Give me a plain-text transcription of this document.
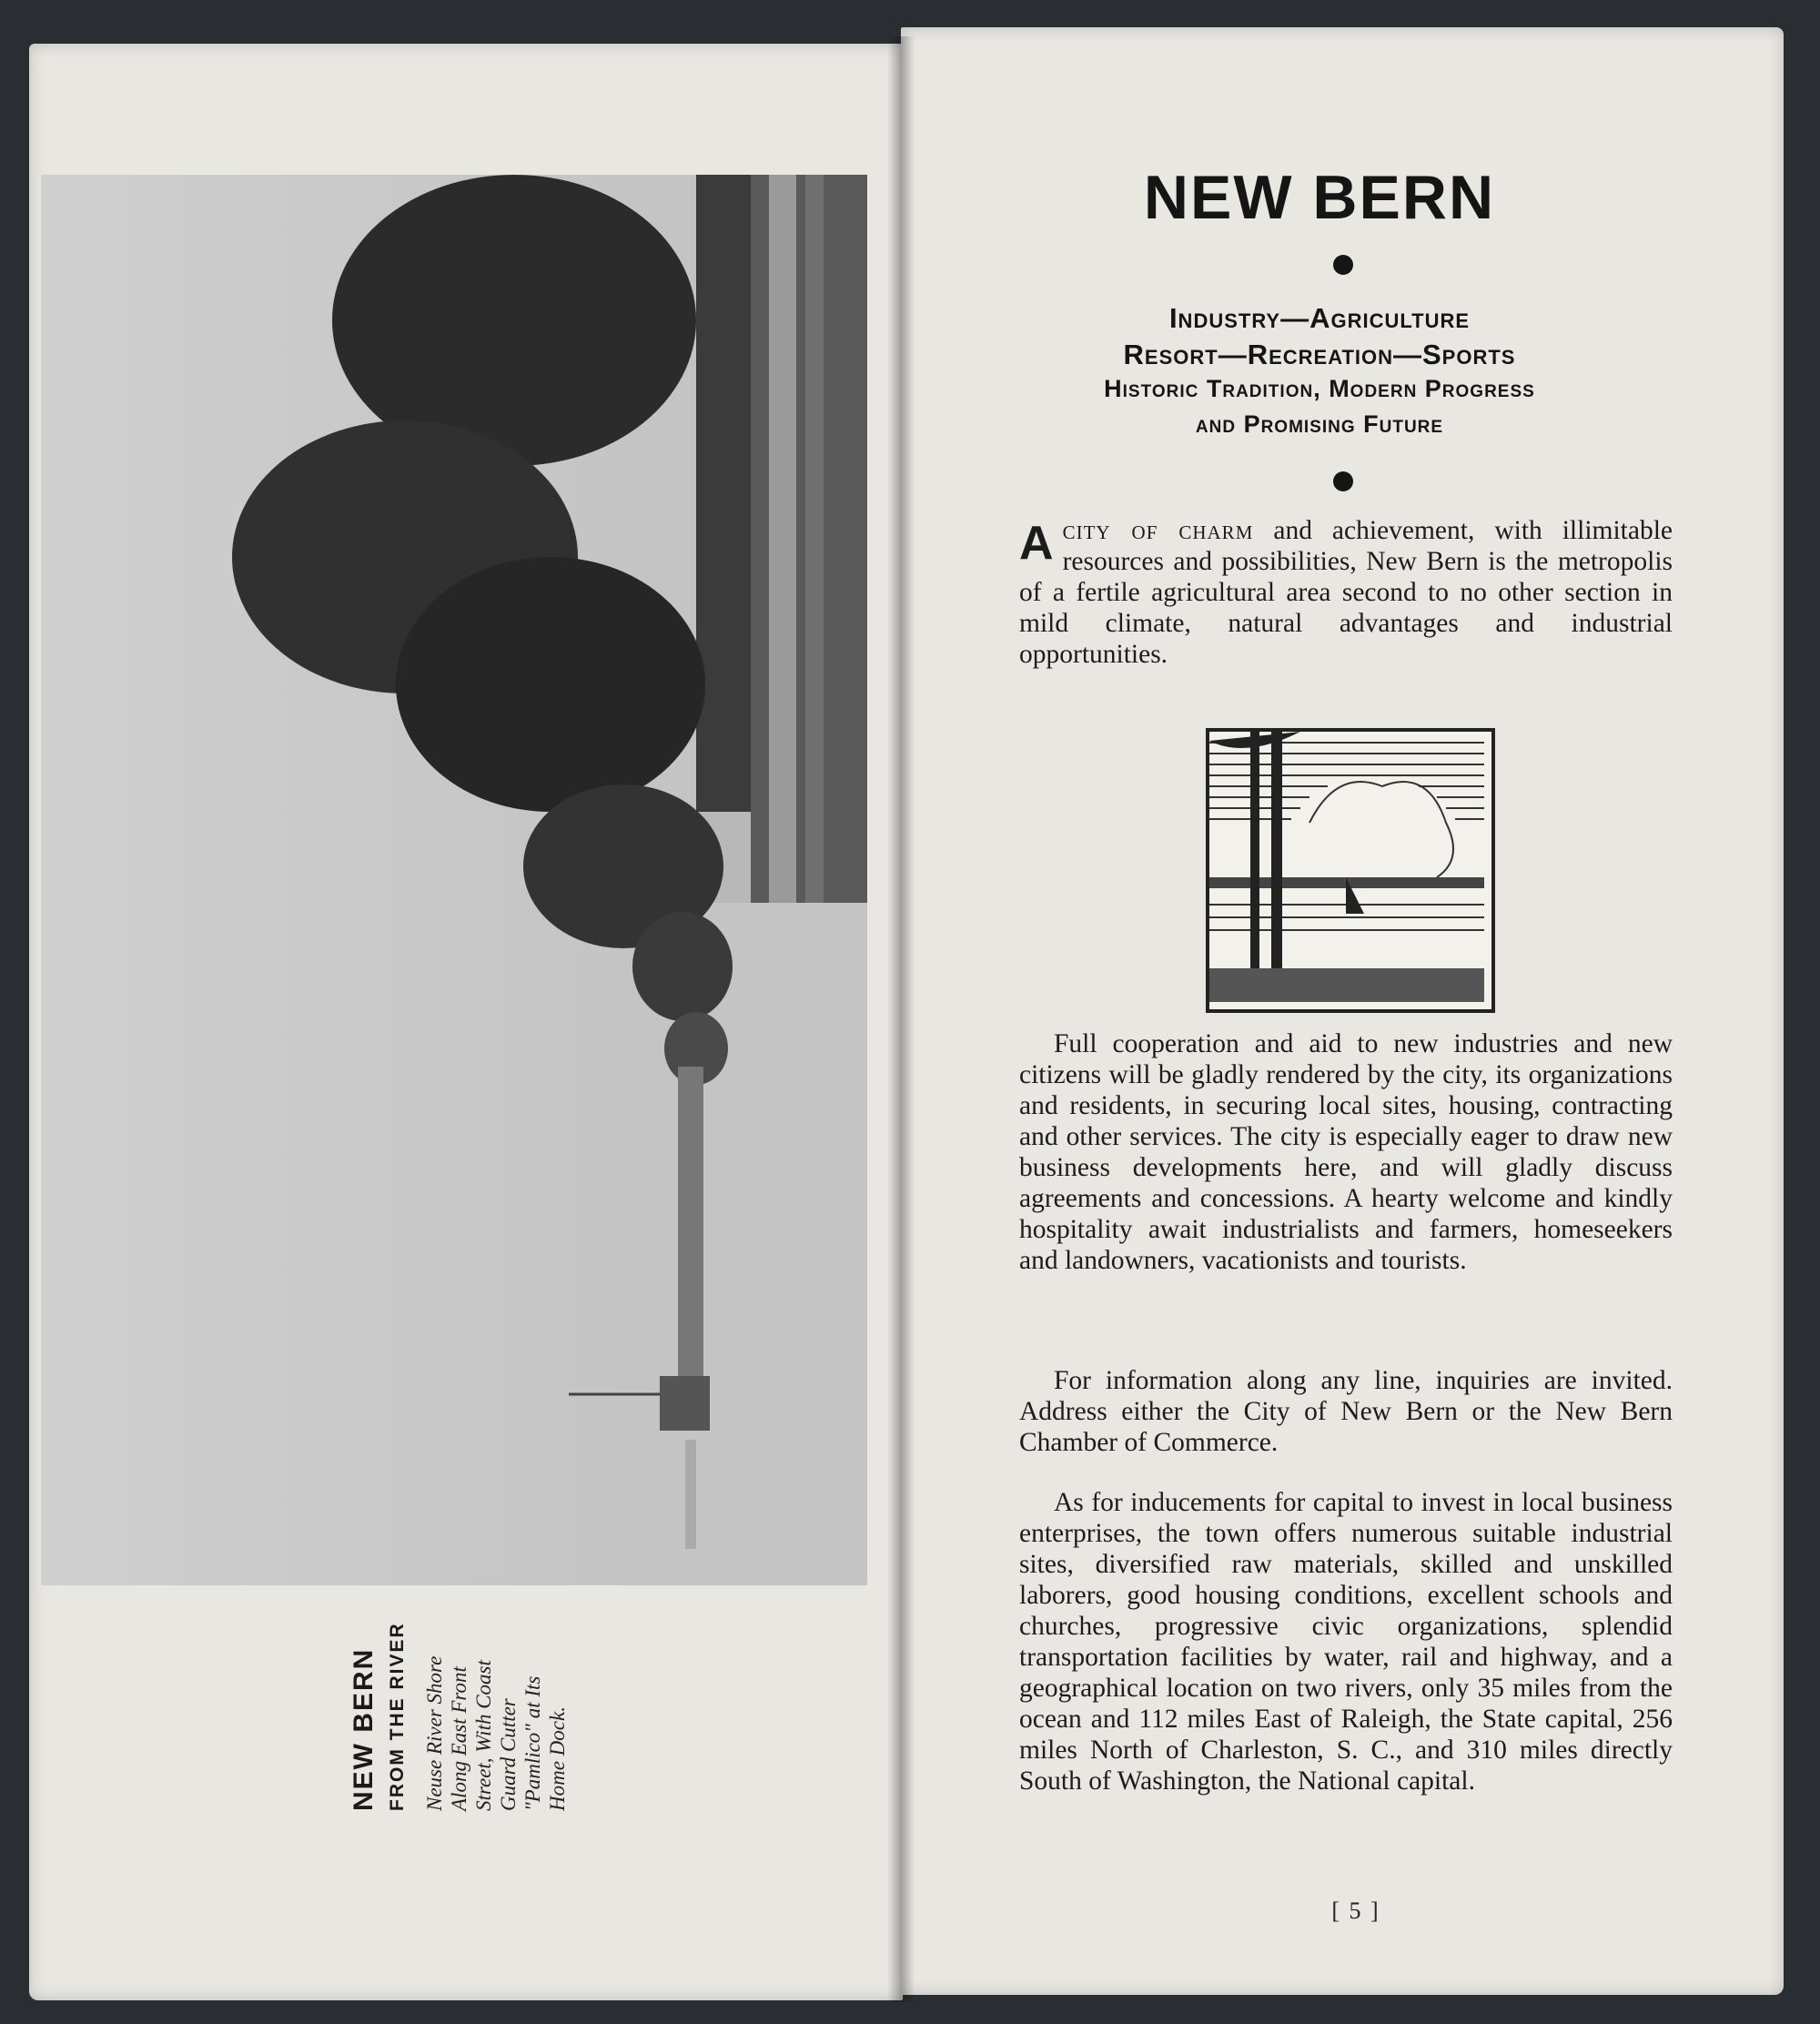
NEW BERN FROM THE RIVER Neuse River Shore Along East Front Street, With Coast Guard Cutter "Pamlico" at Its Home Dock.
NEW BERN
Industry—Agriculture
Resort—Recreation—Sports
Historic Tradition, Modern Progress
and Promising Future

Acity of charm and achievement, with illimitable resources and possibilities, New Bern is the metropolis of a fertile agricultural area second to no other section in mild climate, natural advantages and industrial opportunities.

Full cooperation and aid to new industries and new citizens will be gladly rendered by the city, its organizations and residents, in securing local sites, housing, contracting and other services. The city is especially eager to draw new business developments here, and will gladly discuss agreements and concessions. A hearty welcome and kindly hospitality await industrialists and farmers, homeseekers and landowners, vacationists and tourists.

For information along any line, inquiries are invited. Address either the City of New Bern or the New Bern Chamber of Commerce.

As for inducements for capital to invest in local business enterprises, the town offers numerous suitable industrial sites, diversified raw materials, skilled and unskilled laborers, good housing conditions, excellent schools and churches, progressive civic organizations, splendid transportation facilities by water, rail and highway, and a geographical location on two rivers, only 35 miles from the ocean and 112 miles East of Raleigh, the State capital, 256 miles North of Charleston, S. C., and 310 miles directly South of Washington, the National capital.

[ 5 ]
